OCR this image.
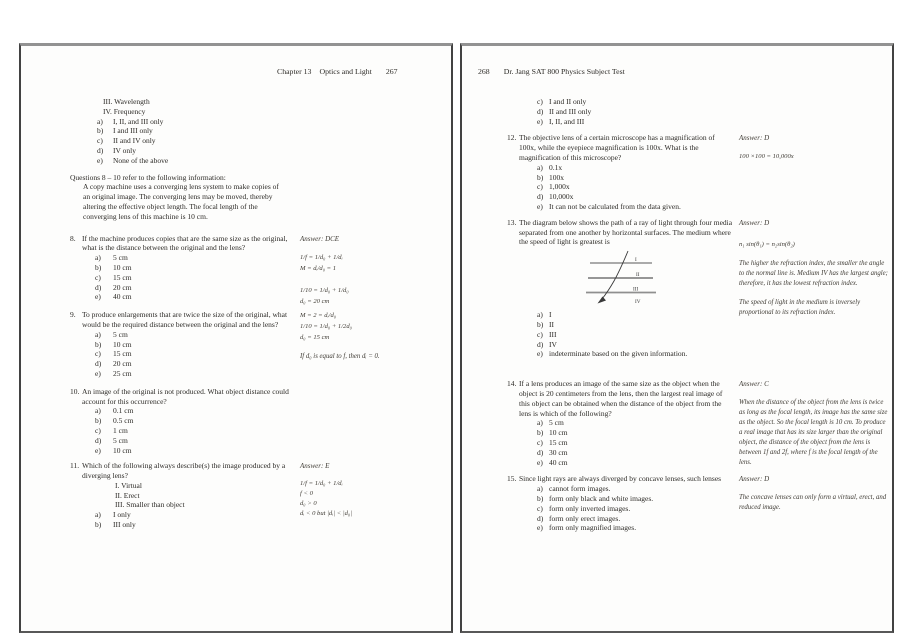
Chapter 13 Optics and Light 267
III. Wavelength
IV. Frequency
a)	I, II, and III only
b)	I and III only
c)	II and IV only
d)	IV only
e)	None of the above
Questions 8 – 10 refer to the following information:
A copy machine uses a converging lens system to make copies of an original image. The converging lens may be moved, thereby altering the effective object length. The focal length of the converging lens of this machine is 10 cm.
8. If the machine produces copies that are the same size as the original, what is the distance between the original and the lens?
a)	5 cm
b)	10 cm
c)	15 cm
d)	20 cm
e)	40 cm
Answer: DCE
1/f = 1/d₀ + 1/dᵢ
M = dᵢ/d₀ = 1
1/10 = 1/d₀ + 1/d₀
d₀ = 20 cm
9. To produce enlargements that are twice the size of the original, what would be the required distance between the original and the lens?
a)	5 cm
b)	10 cm
c)	15 cm
d)	20 cm
e)	25 cm
M = 2 = dᵢ/d₀
1/10 = 1/d₀ + 1/2d₀
d₀ = 15 cm
If d₀ is equal to f, then dᵢ = 0.
10. An image of the original is not produced. What object distance could account for this occurrence?
a)	0.1 cm
b)	0.5 cm
c)	1 cm
d)	5 cm
e)	10 cm
11. Which of the following always describe(s) the image produced by a diverging lens?
I. Virtual
II. Erect
III. Smaller than object
a)	I only
b)	III only
Answer: E
1/f = 1/d₀ + 1/dᵢ
f < 0
d₀ > 0
dᵢ < 0 but |dᵢ| < |d₀|
268 Dr. Jang SAT 800 Physics Subject Test
c) I and II only
d) II and III only
e) I, II, and III
12. The objective lens of a certain microscope has a magnification of 100x, while the eyepiece magnification is 100x. What is the magnification of this microscope?
a) 0.1x
b) 100x
c) 1,000x
d) 10,000x
e) It can not be calculated from the data given.
Answer: D
100 ×100 = 10,000x
13. The diagram below shows the path of a ray of light through four media separated from one another by horizontal surfaces. The medium where the speed of light is greatest is
I
II
III
IV
a) I
b) II
c) III
d) IV
e) indeterminate based on the given information.
Answer: D
n₁ sin(θ₁) = n₂sin(θ₂)
The higher the refraction index, the smaller the angle to the normal line is. Medium IV has the largest angle; therefore, it has the lowest refraction index.
The speed of light in the medium is inversely proportional to its refraction index.
14. If a lens produces an image of the same size as the object when the object is 20 centimeters from the lens, then the largest real image of this object can be obtained when the distance of the object from the lens is which of the following?
a) 5 cm
b) 10 cm
c) 15 cm
d) 30 cm
e) 40 cm
Answer: C
When the distance of the object from the lens is twice as long as the focal length, its image has the same size as the object. So the focal length is 10 cm. To produce a real image that has its size larger than the original object, the distance of the object from the lens is between 1f and 2f, where f is the focal length of the lens.
15. Since light rays are always diverged by concave lenses, such lenses
a) cannot form images.
b) form only black and white images.
c) form only inverted images.
d) form only erect images.
e) form only magnified images.
Answer: D
The concave lenses can only form a virtual, erect, and reduced image.
